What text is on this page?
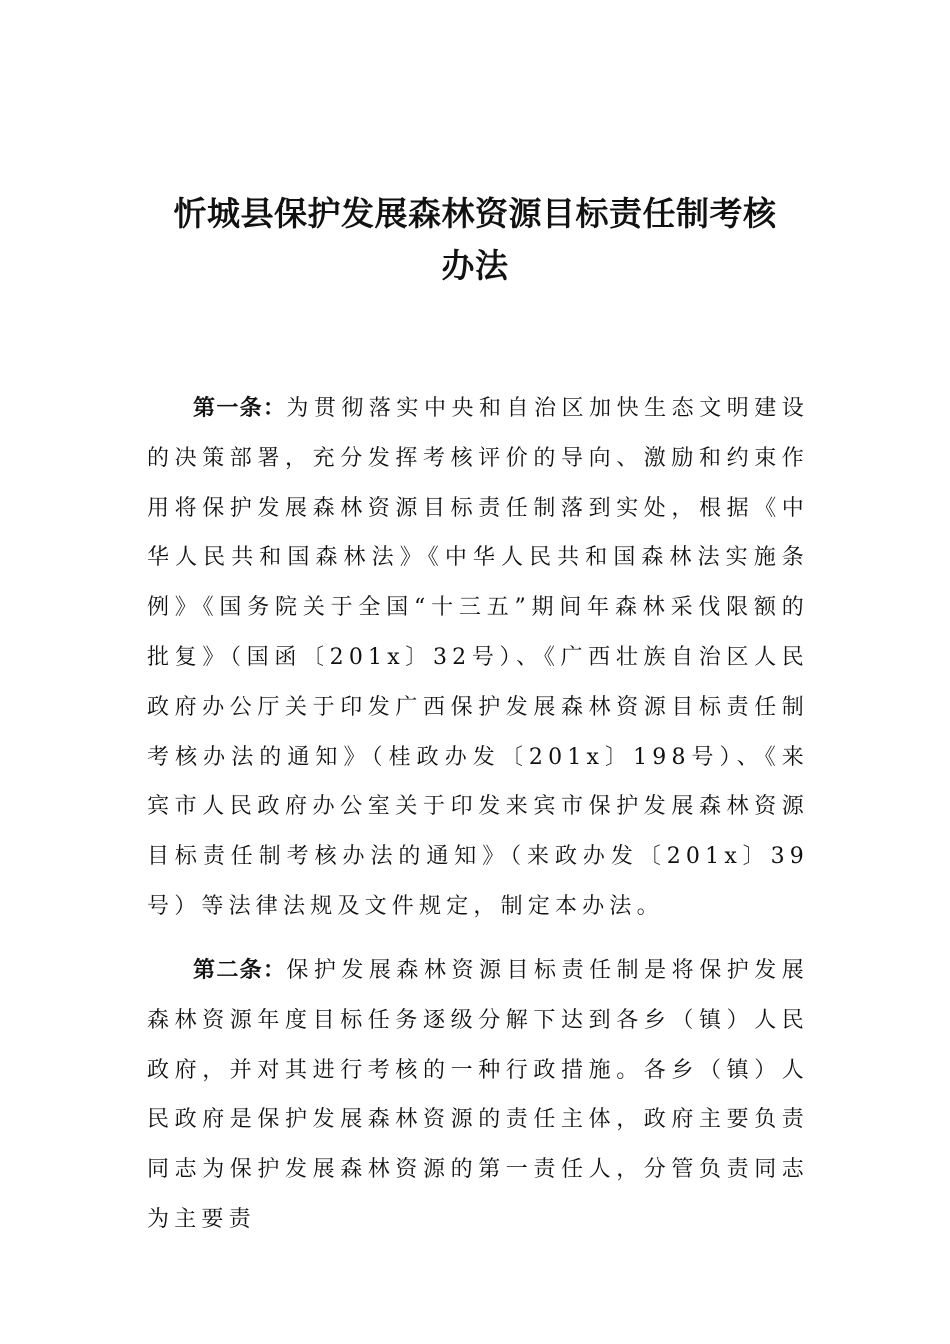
忻城县保护发展森林资源目标责任制考核
办法

第一条：为贯彻落实中央和自治区加快生态文明建设的决策部署，充分发挥考核评价的导向、激励和约束作用将保护发展森林资源目标责任制落到实处，根据《中华人民共和国森林法》《中华人民共和国森林法实施条例》《国务院关于全国“十三五”期间年森林采伐限额的批复》（国函〔201x〕32号）、《广西壮族自治区人民政府办公厅关于印发广西保护发展森林资源目标责任制考核办法的通知》（桂政办发〔201x〕198号）、《来宾市人民政府办公室关于印发来宾市保护发展森林资源目标责任制考核办法的通知》（来政办发〔201x〕39号）等法律法规及文件规定，制定本办法。

第二条：保护发展森林资源目标责任制是将保护发展森林资源年度目标任务逐级分解下达到各乡（镇）人民政府，并对其进行考核的一种行政措施。各乡（镇）人民政府是保护发展森林资源的责任主体，政府主要负责同志为保护发展森林资源的第一责任人，分管负责同志为主要责
